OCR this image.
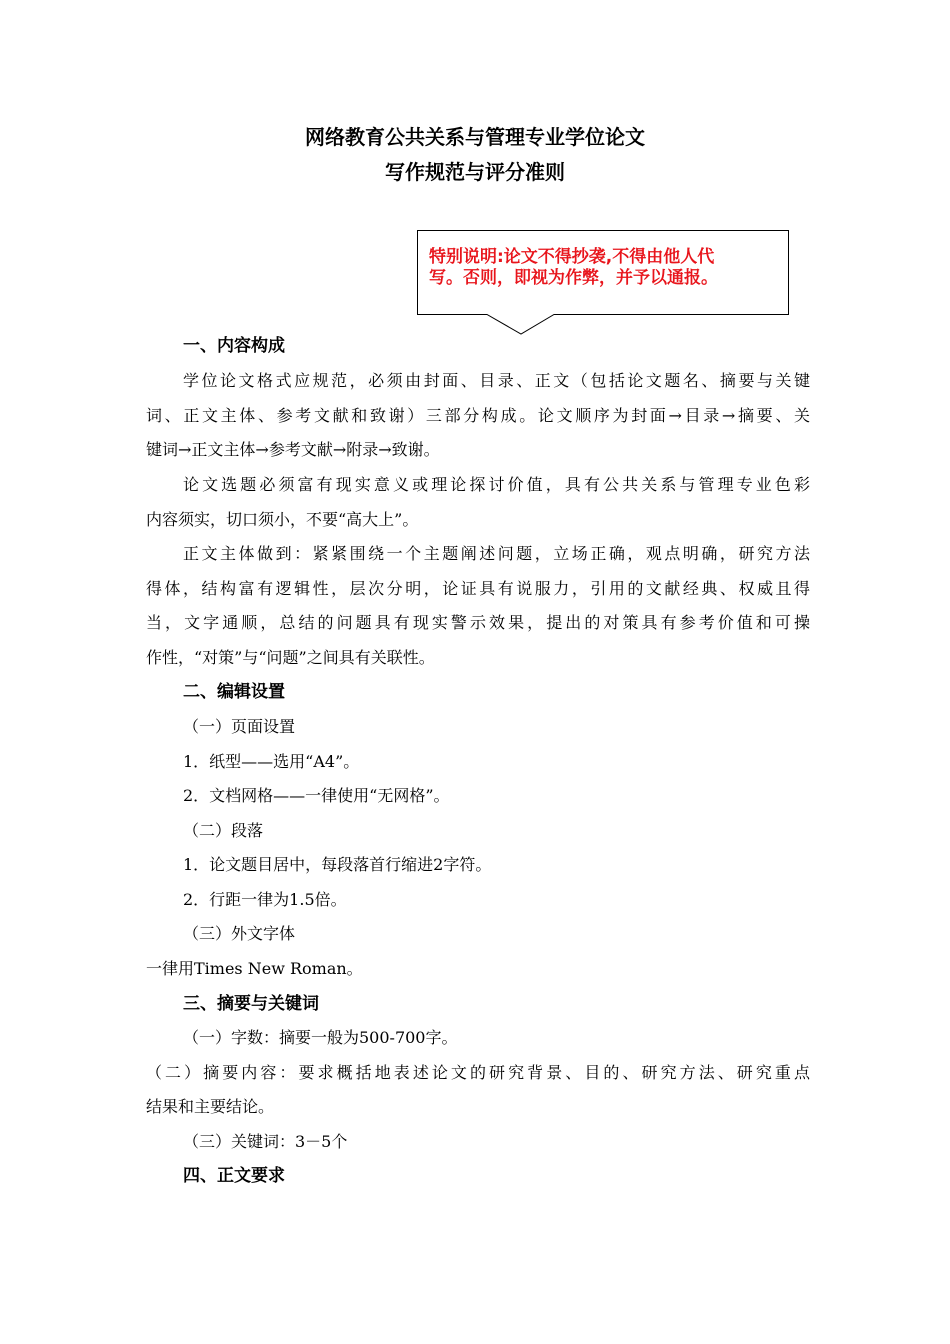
网络教育公共关系与管理专业学位论文
写作规范与评分准则
特别说明:论文不得抄袭,不得由他人代
写。否则，即视为作弊，并予以通报。

一、内容构成

学位论文格式应规范，必须由封面、目录、正文（包括论文题名、摘要与关键

词、正文主体、参考文献和致谢）三部分构成。论文顺序为封面→目录→摘要、关

键词→正文主体→参考文献→附录→致谢。

论文选题必须富有现实意义或理论探讨价值，具有公共关系与管理专业色彩

内容须实，切口须小，不要“高大上”。

正文主体做到：紧紧围绕一个主题阐述问题，立场正确，观点明确，研究方法

得体，结构富有逻辑性，层次分明，论证具有说服力，引用的文献经典、权威且得

当，文字通顺，总结的问题具有现实警示效果，提出的对策具有参考价值和可操

作性，“对策”与“问题”之间具有关联性。

二、编辑设置

（一）页面设置

1．纸型——选用“A4”。

2．文档网格——一律使用“无网格”。

（二）段落

1．论文题目居中，每段落首行缩进2字符。

2．行距一律为1.5倍。

（三）外文字体

一律用Times New Roman。

三、摘要与关键词

（一）字数：摘要一般为500-700字。

（二）摘要内容：要求概括地表述论文的研究背景、目的、研究方法、研究重点

结果和主要结论。

（三）关键词：3－5个

四、正文要求
